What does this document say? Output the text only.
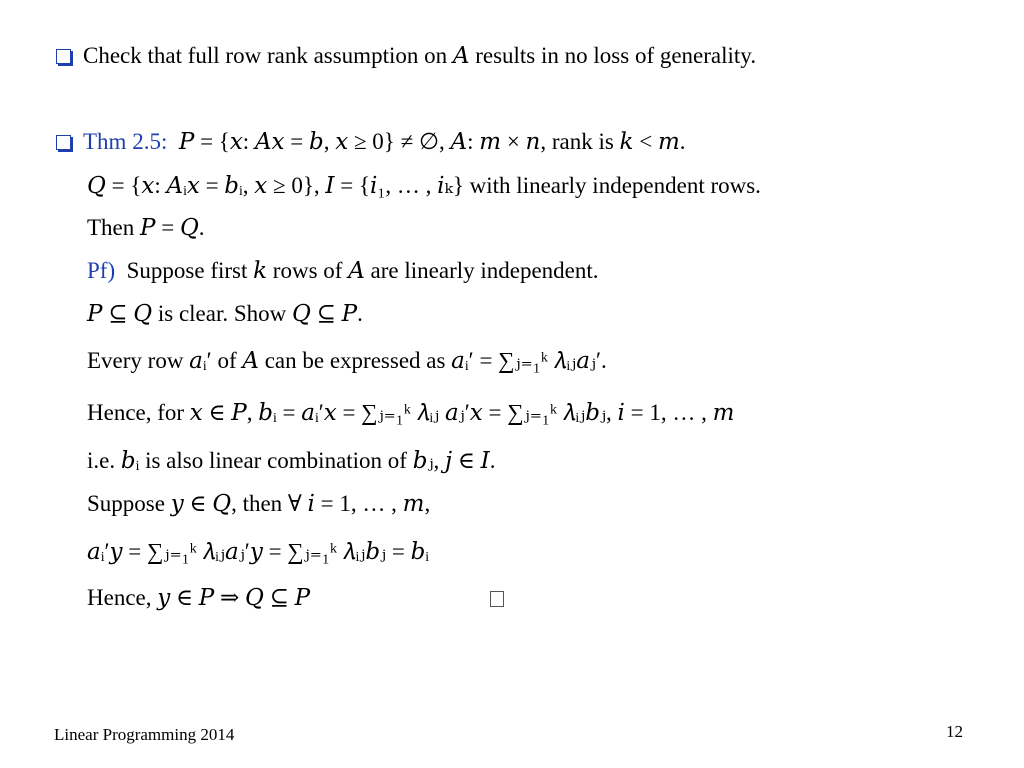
Check that full row rank assumption on 𝐴 results in no loss of generality.
Thm 2.5: 𝑃 = {𝑥: 𝐴𝑥 = 𝑏, 𝑥 ≥ 0} ≠ ∅, 𝐴: 𝑚 × 𝑛, rank is 𝑘 < 𝑚.
𝑄 = {𝑥: 𝐴ᵢ𝑥 = 𝑏ᵢ, 𝑥 ≥ 0}, 𝐼 = {𝑖₁, … , 𝑖ₖ} with linearly independent rows.
Then 𝑃 = 𝑄.
Pf) Suppose first 𝑘 rows of 𝐴 are linearly independent.
𝑃 ⊆ 𝑄 is clear. Show 𝑄 ⊆ 𝑃.
Every row 𝑎ᵢ′ of 𝐴 can be expressed as 𝑎ᵢ′ = ∑ⱼ₌₁ᵏ 𝜆ᵢⱼ𝑎ⱼ′.
Hence, for 𝑥 ∈ 𝑃, 𝑏ᵢ = 𝑎ᵢ′𝑥 = ∑ⱼ₌₁ᵏ 𝜆ᵢⱼ 𝑎ⱼ′𝑥 = ∑ⱼ₌₁ᵏ 𝜆ᵢⱼ𝑏ⱼ, 𝑖 = 1, … , 𝑚
i.e. 𝑏ᵢ is also linear combination of 𝑏ⱼ, 𝑗 ∈ 𝐼.
Suppose 𝑦 ∈ 𝑄, then ∀ 𝑖 = 1, … , 𝑚,
𝑎ᵢ′𝑦 = ∑ⱼ₌₁ᵏ 𝜆ᵢⱼ𝑎ⱼ′𝑦 = ∑ⱼ₌₁ᵏ 𝜆ᵢⱼ𝑏ⱼ = 𝑏ᵢ
Hence, 𝑦 ∈ 𝑃 ⇒ 𝑄 ⊆ 𝑃
Linear Programming 2014	12
